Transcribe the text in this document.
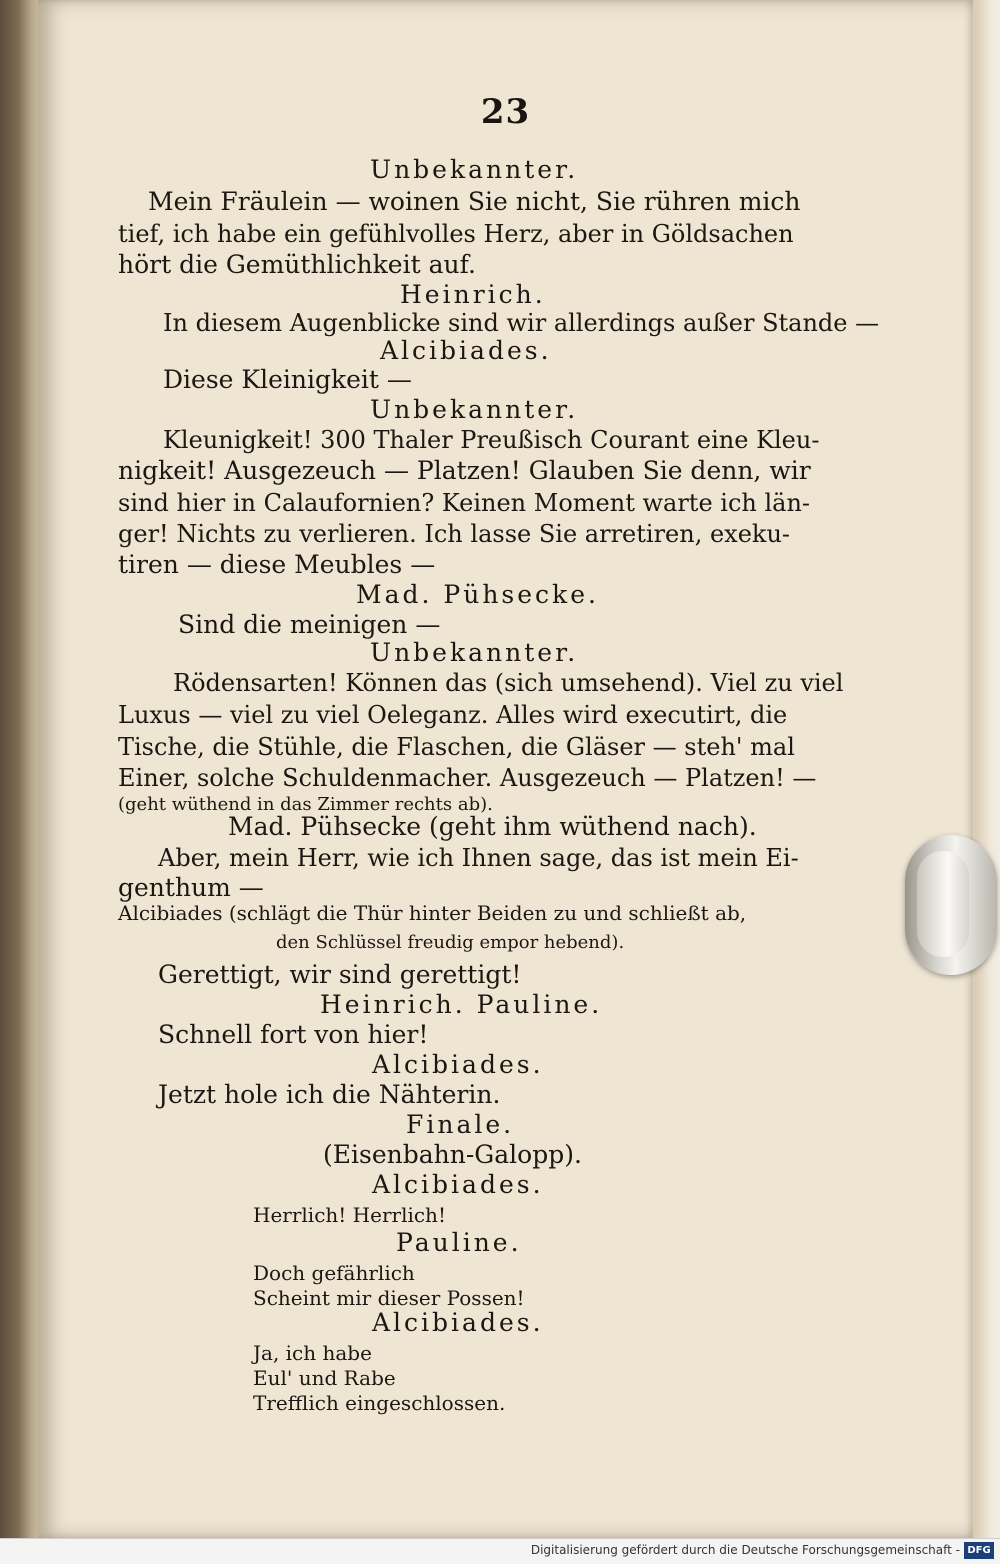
23
Unbekannter.
Mein Fräulein — woinen Sie nicht, Sie rühren mich
tief, ich habe ein gefühlvolles Herz, aber in Göldsachen
hört die Gemüthlichkeit auf.
Heinrich.
In diesem Augenblicke sind wir allerdings außer Stande —
Alcibiades.
Diese Kleinigkeit —
Unbekannter.
Kleunigkeit! 300 Thaler Preußisch Courant eine Kleu-
nigkeit! Ausgezeuch — Platzen! Glauben Sie denn, wir
sind hier in Calaufornien? Keinen Moment warte ich län-
ger! Nichts zu verlieren. Ich lasse Sie arretiren, exeku-
tiren — diese Meubles —
Mad. Pühsecke.
Sind die meinigen —
Unbekannter.
Rödensarten! Können das (sich umsehend). Viel zu viel
Luxus — viel zu viel Oeleganz. Alles wird executirt, die
Tische, die Stühle, die Flaschen, die Gläser — steh' mal
Einer, solche Schuldenmacher. Ausgezeuch — Platzen! —
(geht wüthend in das Zimmer rechts ab).
Mad. Pühsecke (geht ihm wüthend nach).
Aber, mein Herr, wie ich Ihnen sage, das ist mein Ei-
genthum —
Alcibiades (schlägt die Thür hinter Beiden zu und schließt ab,
den Schlüssel freudig empor hebend).
Gerettigt, wir sind gerettigt!
Heinrich. Pauline.
Schnell fort von hier!
Alcibiades.
Jetzt hole ich die Nähterin.
Finale.
(Eisenbahn-Galopp).
Alcibiades.
Herrlich! Herrlich!
Pauline.
Doch gefährlich
Scheint mir dieser Possen!
Alcibiades.
Ja, ich habe
Eul' und Rabe
Trefflich eingeschlossen.
Digitalisierung gefördert durch die Deutsche Forschungsgemeinschaft - DFG
